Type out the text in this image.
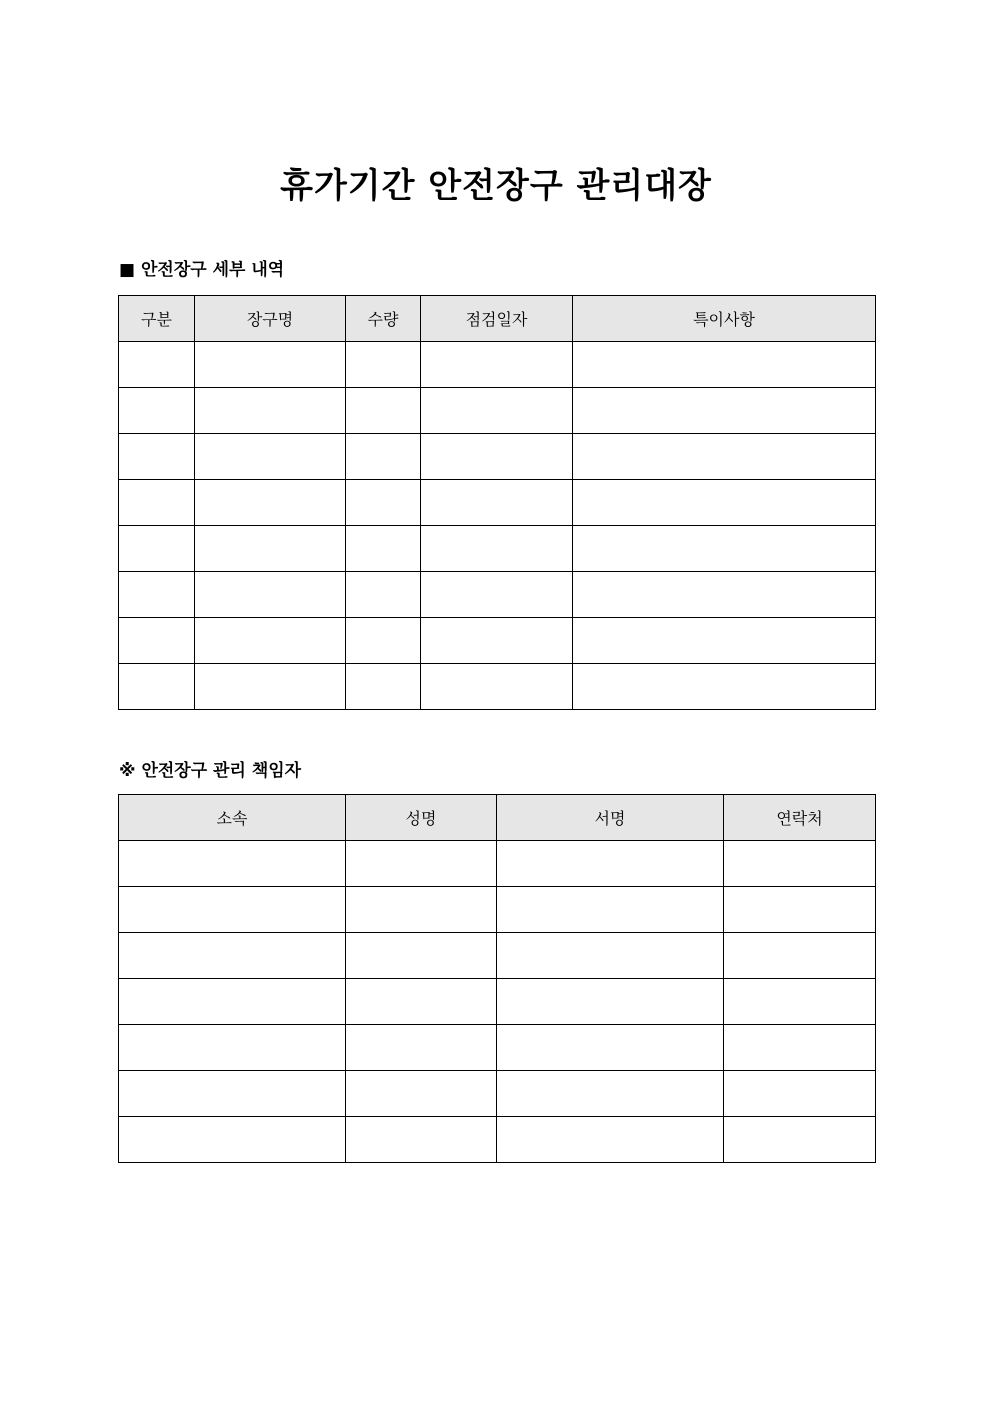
휴가기간 안전장구 관리대장
■ 안전장구 세부 내역
구분	장구명	수량	점검일자	특이사항

※ 안전장구 관리 책임자
소속	성명	서명	연락처
